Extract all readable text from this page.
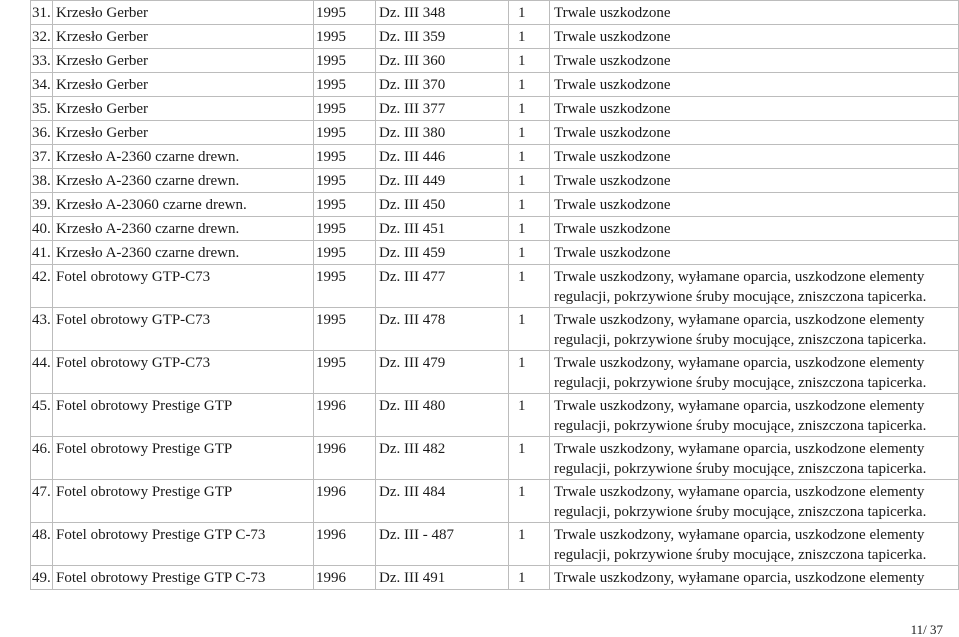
31.	Krzesło Gerber	1995	Dz. III 348	1	Trwale uszkodzone

32.	Krzesło Gerber	1995	Dz. III 359	1	Trwale uszkodzone

33.	Krzesło Gerber	1995	Dz. III 360	1	Trwale uszkodzone

34.	Krzesło Gerber	1995	Dz. III 370	1	Trwale uszkodzone

35.	Krzesło Gerber	1995	Dz. III 377	1	Trwale uszkodzone

36.	Krzesło Gerber	1995	Dz. III 380	1	Trwale uszkodzone

37.	Krzesło A-2360 czarne drewn.	1995	Dz. III 446	1	Trwale uszkodzone

38.	Krzesło A-2360 czarne drewn.	1995	Dz. III 449	1	Trwale uszkodzone

39.	Krzesło A-23060 czarne drewn.	1995	Dz. III 450	1	Trwale uszkodzone

40.	Krzesło A-2360 czarne drewn.	1995	Dz. III 451	1	Trwale uszkodzone

41.	Krzesło A-2360 czarne drewn.	1995	Dz. III 459	1	Trwale uszkodzone

42.	Fotel obrotowy GTP-C73	1995	Dz. III 477	1	Trwale uszkodzony, wyłamane oparcia, uszkodzone elementy
regulacji, pokrzywione śruby mocujące, zniszczona tapicerka.

43.	Fotel obrotowy GTP-C73	1995	Dz. III 478	1	Trwale uszkodzony, wyłamane oparcia, uszkodzone elementy
regulacji, pokrzywione śruby mocujące, zniszczona tapicerka.

44.	Fotel obrotowy GTP-C73	1995	Dz. III 479	1	Trwale uszkodzony, wyłamane oparcia, uszkodzone elementy
regulacji, pokrzywione śruby mocujące, zniszczona tapicerka.

45.	Fotel obrotowy Prestige GTP	1996	Dz. III 480	1	Trwale uszkodzony, wyłamane oparcia, uszkodzone elementy
regulacji, pokrzywione śruby mocujące, zniszczona tapicerka.

46.	Fotel obrotowy Prestige GTP	1996	Dz. III 482	1	Trwale uszkodzony, wyłamane oparcia, uszkodzone elementy
regulacji, pokrzywione śruby mocujące, zniszczona tapicerka.

47.	Fotel obrotowy Prestige GTP	1996	Dz. III 484	1	Trwale uszkodzony, wyłamane oparcia, uszkodzone elementy
regulacji, pokrzywione śruby mocujące, zniszczona tapicerka.

48.	Fotel obrotowy Prestige GTP C-73	1996	Dz. III - 487	1	Trwale uszkodzony, wyłamane oparcia, uszkodzone elementy
regulacji, pokrzywione śruby mocujące, zniszczona tapicerka.

49.	Fotel obrotowy Prestige GTP C-73	1996	Dz. III 491	1	Trwale uszkodzony, wyłamane oparcia, uszkodzone elementy
11/ 37
